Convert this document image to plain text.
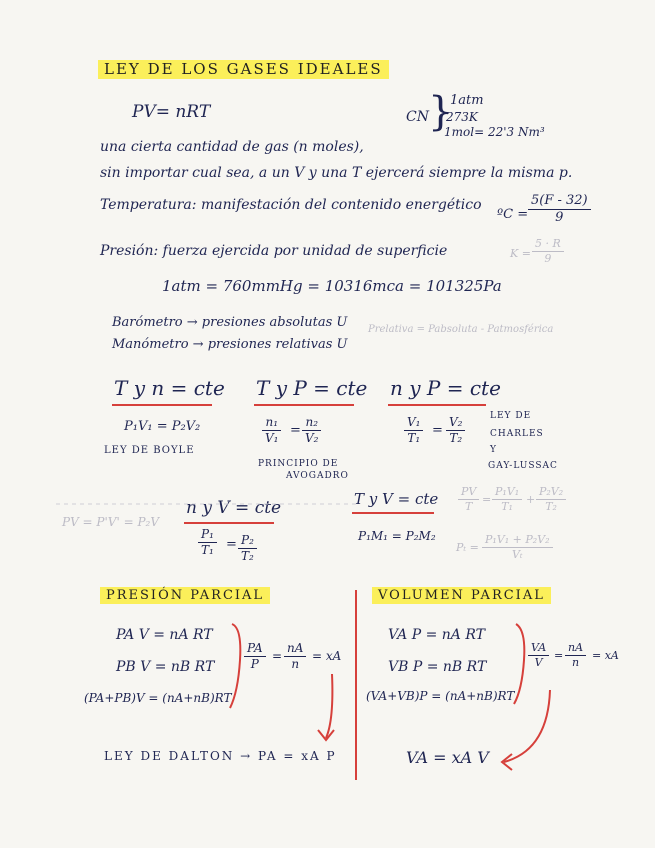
LEY DE LOS GASES IDEALES
PV= nRT	CN }
1atm
273K
1mol= 22'3 Nm³
una cierta cantidad de gas (n moles),
sin importar cual sea, a un V y una T ejercerá siempre la misma p.
Temperatura: manifestación del contenido energético
ºC = $\frac{5(F - 32)}{9}$
Presión: fuerza ejercida por unidad de superficie	$K = \frac{5 \cdot R}{9}$
1atm = 760mmHg = 10316mca = 101325Pa
Barómetro → presiones absolutas U
Manómetro → presiones relativas U
Prelativa = Pabsoluta - Patmosférica
T y n = cte
P₁V₁ = P₂V₂
LEY DE BOYLE
T y P = cte
$\frac{\text{n₁}}{\text{V₁}} = \frac{\text{n₂}}{\text{V₂}}$
PRINCIPIO DE
AVOGADRO
n y P = cte
$\frac{\text{V₁}}{\text{T₁}} = \frac{\text{V₂}}{\text{T₂}}$	LEY DE
CHARLES
Y
GAY-LUSSAC
PV = P'V' = P₂V
n y V = cte
$\frac{\text{P₁}}{\text{T₁}} = \frac{\text{P₂}}{\text{T₂}}$
T y V = cte
P₁M₁ = P₂M₂
$\frac{PV}{T} = \frac{\text{P₁V₁}}{\text{T₁}} + \frac{\text{P₂V₂}}{\text{T₂}}$
$P_t = \frac{\text{P₁V₁ + P₂V₂}}{\text{Vₜ}}$
PRESIÓN PARCIAL
PA V = nA RT
PB V = nB RT
(PA+PB)V = (nA+nB)RT
$\frac{PA}{P} = \frac{nA}{n}$ = xA
LEY DE DALTON → PA = xA P
VOLUMEN PARCIAL
VA P = nA RT
VB P = nB RT
(VA+VB)P = (nA+nB)RT
$\frac{VA}{V} = \frac{nA}{n}$ = xA
VA = xA V
